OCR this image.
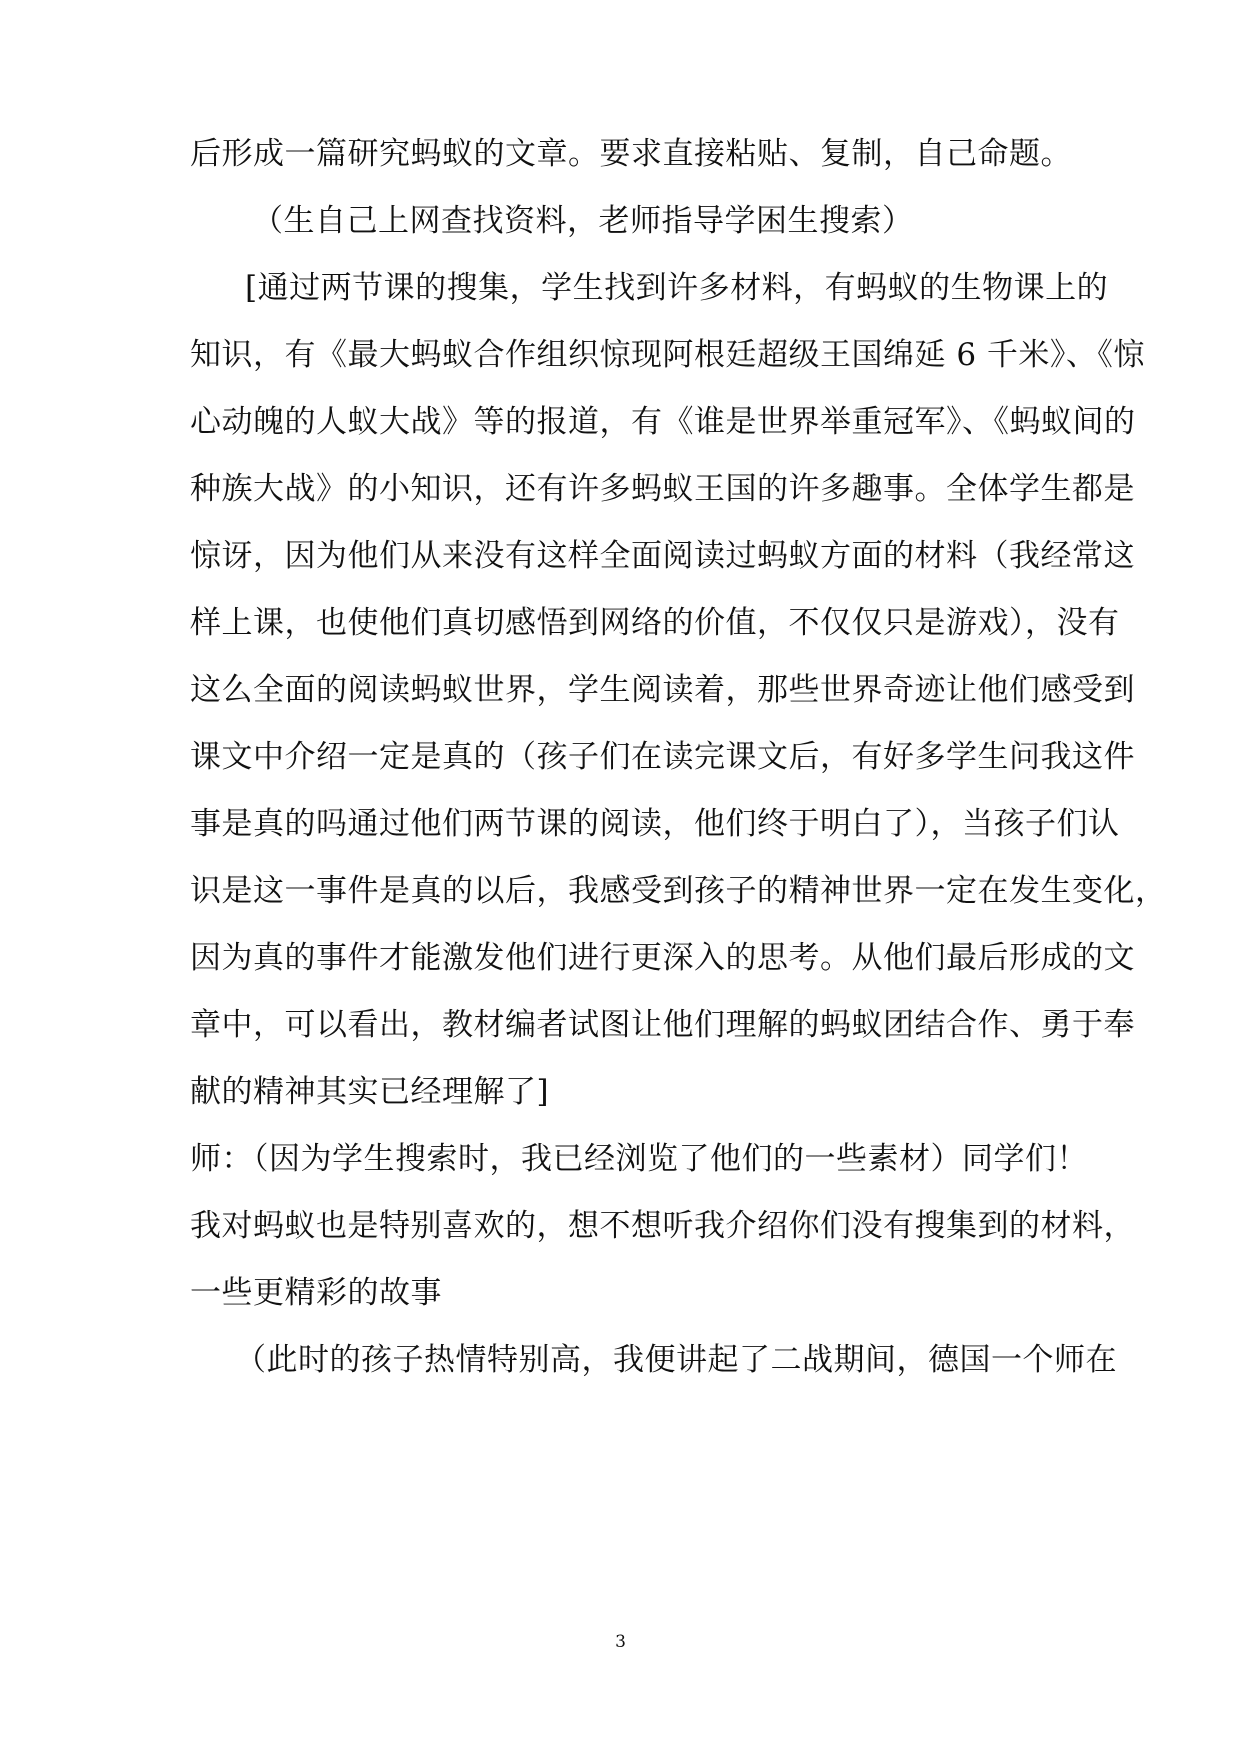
后形成一篇研究蚂蚁的文章。要求直接粘贴、复制，自己命题。
（生自己上网查找资料，老师指导学困生搜索）
[通过两节课的搜集，学生找到许多材料，有蚂蚁的生物课上的
知识，有《最大蚂蚁合作组织惊现阿根廷超级王国绵延 6 千米》、《惊
心动魄的人蚁大战》等的报道，有《谁是世界举重冠军》、《蚂蚁间的
种族大战》的小知识，还有许多蚂蚁王国的许多趣事。全体学生都是
惊讶，因为他们从来没有这样全面阅读过蚂蚁方面的材料（我经常这
样上课，也使他们真切感悟到网络的价值，不仅仅只是游戏），没有
这么全面的阅读蚂蚁世界，学生阅读着，那些世界奇迹让他们感受到
课文中介绍一定是真的（孩子们在读完课文后，有好多学生问我这件
事是真的吗通过他们两节课的阅读，他们终于明白了），当孩子们认
识是这一事件是真的以后，我感受到孩子的精神世界一定在发生变化，
因为真的事件才能激发他们进行更深入的思考。从他们最后形成的文
章中，可以看出，教材编者试图让他们理解的蚂蚁团结合作、勇于奉
献的精神其实已经理解了]
师：（因为学生搜索时，我已经浏览了他们的一些素材）同学们！
我对蚂蚁也是特别喜欢的，想不想听我介绍你们没有搜集到的材料，
一些更精彩的故事
（此时的孩子热情特别高，我便讲起了二战期间，德国一个师在
3
